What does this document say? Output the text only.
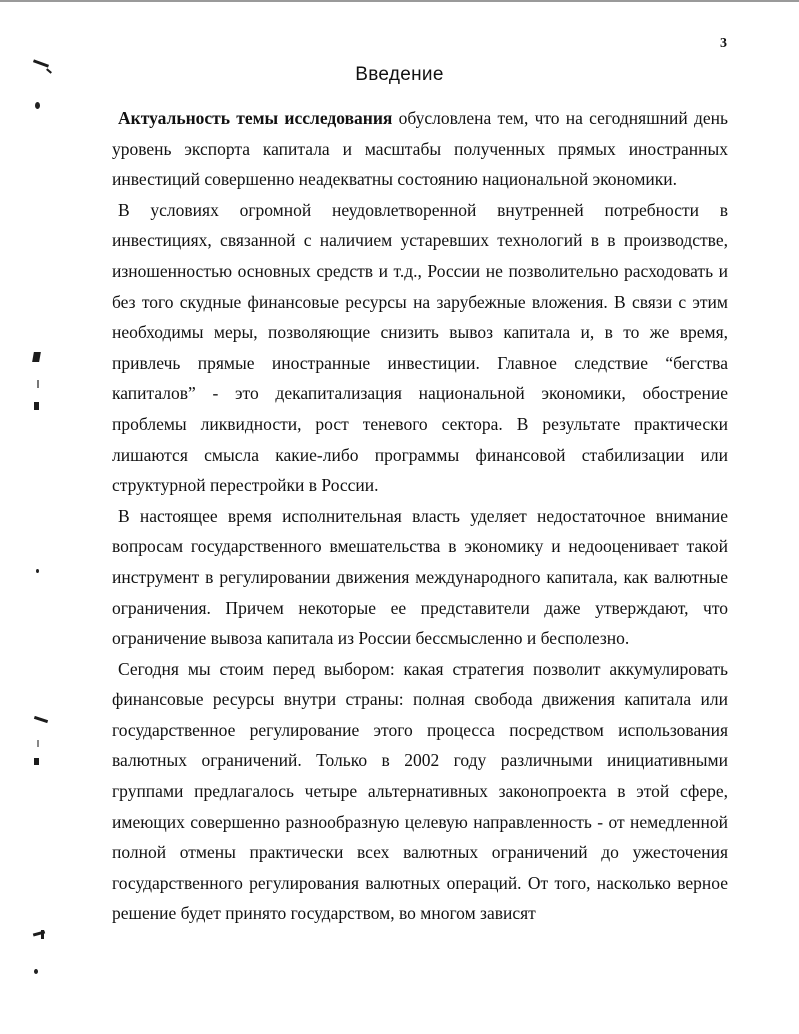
3
Введение

Актуальность темы исследования обусловлена тем, что на сегодняшний день уровень экспорта капитала и масштабы полученных прямых иностранных инвестиций совершенно неадекватны состоянию национальной экономики.

В условиях огромной неудовлетворенной внутренней потребности в инвестициях, связанной с наличием устаревших технологий в в производстве, изношенностью основных средств и т.д., России не позволительно расходовать и без того скудные финансовые ресурсы на зарубежные вложения. В связи с этим необходимы меры, позволяющие снизить вывоз капитала и, в то же время, привлечь прямые иностранные инвестиции. Главное следствие “бегства капиталов” - это декапитализация национальной экономики, обострение проблемы ликвидности, рост теневого сектора. В результате практически лишаются смысла какие-либо программы финансовой стабилизации или структурной перестройки в России.

В настоящее время исполнительная власть уделяет недостаточное внимание вопросам государственного вмешательства в экономику и недооценивает такой инструмент в регулировании движения международного капитала, как валютные ограничения. Причем некоторые ее представители даже утверждают, что ограничение вывоза капитала из России бессмысленно и бесполезно.

Сегодня мы стоим перед выбором: какая стратегия позволит аккумулировать финансовые ресурсы внутри страны: полная свобода движения капитала или государственное регулирование этого процесса посредством использования валютных ограничений. Только в 2002 году различными инициативными группами предлагалось четыре альтернативных законопроекта в этой сфере, имеющих совершенно разнообразную целевую направленность - от немедленной полной отмены практически всех валютных ограничений до ужесточения государственного регулирования валютных операций. От того, насколько верное решение будет принято государством, во многом зависят
